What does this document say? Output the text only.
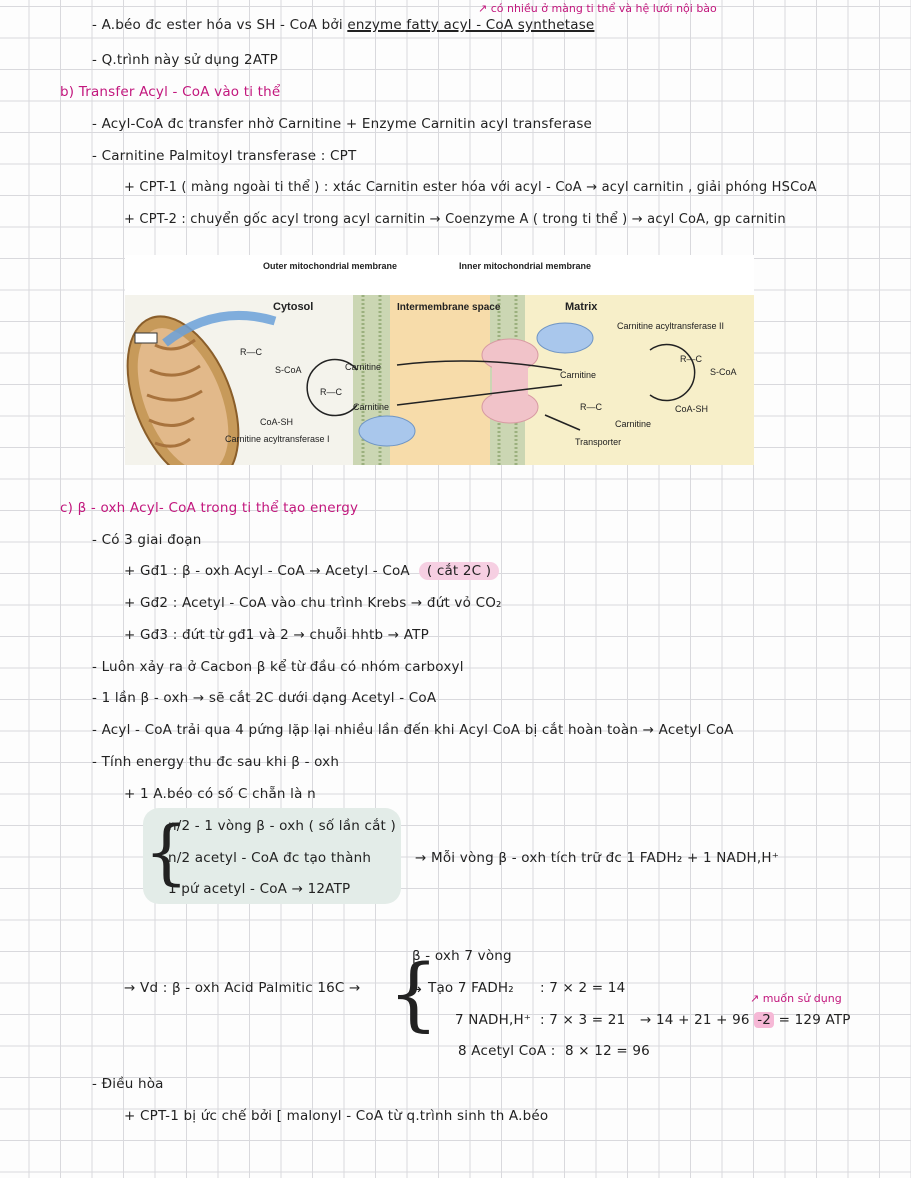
↗ có nhiều ở màng ti thể và hệ lưới nội bào
- A.béo đc ester hóa vs SH - CoA bởi enzyme fatty acyl - CoA synthetase
- Q.trình này sử dụng 2ATP
b) Transfer Acyl - CoA vào ti thể
- Acyl-CoA đc transfer nhờ Carnitine + Enzyme Carnitin acyl transferase
- Carnitine Palmitoyl transferase : CPT
+ CPT-1 ( màng ngoài ti thể ) : xtác Carnitin ester hóa với acyl - CoA → acyl carnitin , giải phóng HSCoA
+ CPT-2 : chuyển gốc acyl trong acyl carnitin → Coenzyme A ( trong ti thể ) → acyl CoA, gp carnitin
Outer mitochondrial membrane	Inner mitochondrial membrane
Cytosol	Intermembrane space	Matrix
R—C
S-CoA
R—C
CoA-SH
Carnitine
Carnitine
Carnitine acyltransferase I
Carnitine acyltransferase II
Carnitine
R—C
S-CoA
R—C	CoA-SH
Carnitine
Transporter
c) β - oxh Acyl- CoA trong ti thể tạo energy
- Có 3 giai đoạn
+ Gđ1 : β - oxh Acyl - CoA → Acetyl - CoA ( cắt 2C )
+ Gđ2 : Acetyl - CoA vào chu trình Krebs → đứt vỏ CO₂
+ Gđ3 : đứt từ gđ1 và 2 → chuỗi hhtb → ATP
- Luôn xảy ra ở Cacbon β kể từ đầu có nhóm carboxyl
- 1 lần β - oxh → sẽ cắt 2C dưới dạng Acetyl - CoA
- Acyl - CoA trải qua 4 pứng lặp lại nhiều lần đến khi Acyl CoA bị cắt hoàn toàn → Acetyl CoA
- Tính energy thu đc sau khi β - oxh
+ 1 A.béo có số C chẵn là n
{
n/2 - 1 vòng β - oxh ( số lần cắt )
n/2 acetyl - CoA đc tạo thành
1 pứ acetyl - CoA → 12ATP
→ Mỗi vòng β - oxh tích trữ đc 1 FADH₂ + 1 NADH,H⁺
→ Vd : β - oxh Acid Palmitic 16C → {
β - oxh 7 vòng
↳ Tạo 7 FADH₂ : 7 × 2 = 14
↗ muốn sử dụng
7 NADH,H⁺ : 7 × 3 = 21 → 14 + 21 + 96 -2 = 129 ATP
8 Acetyl CoA : 8 × 12 = 96
- Điều hòa
+ CPT-1 bị ức chế bởi [ malonyl - CoA từ q.trình sinh th A.béo
